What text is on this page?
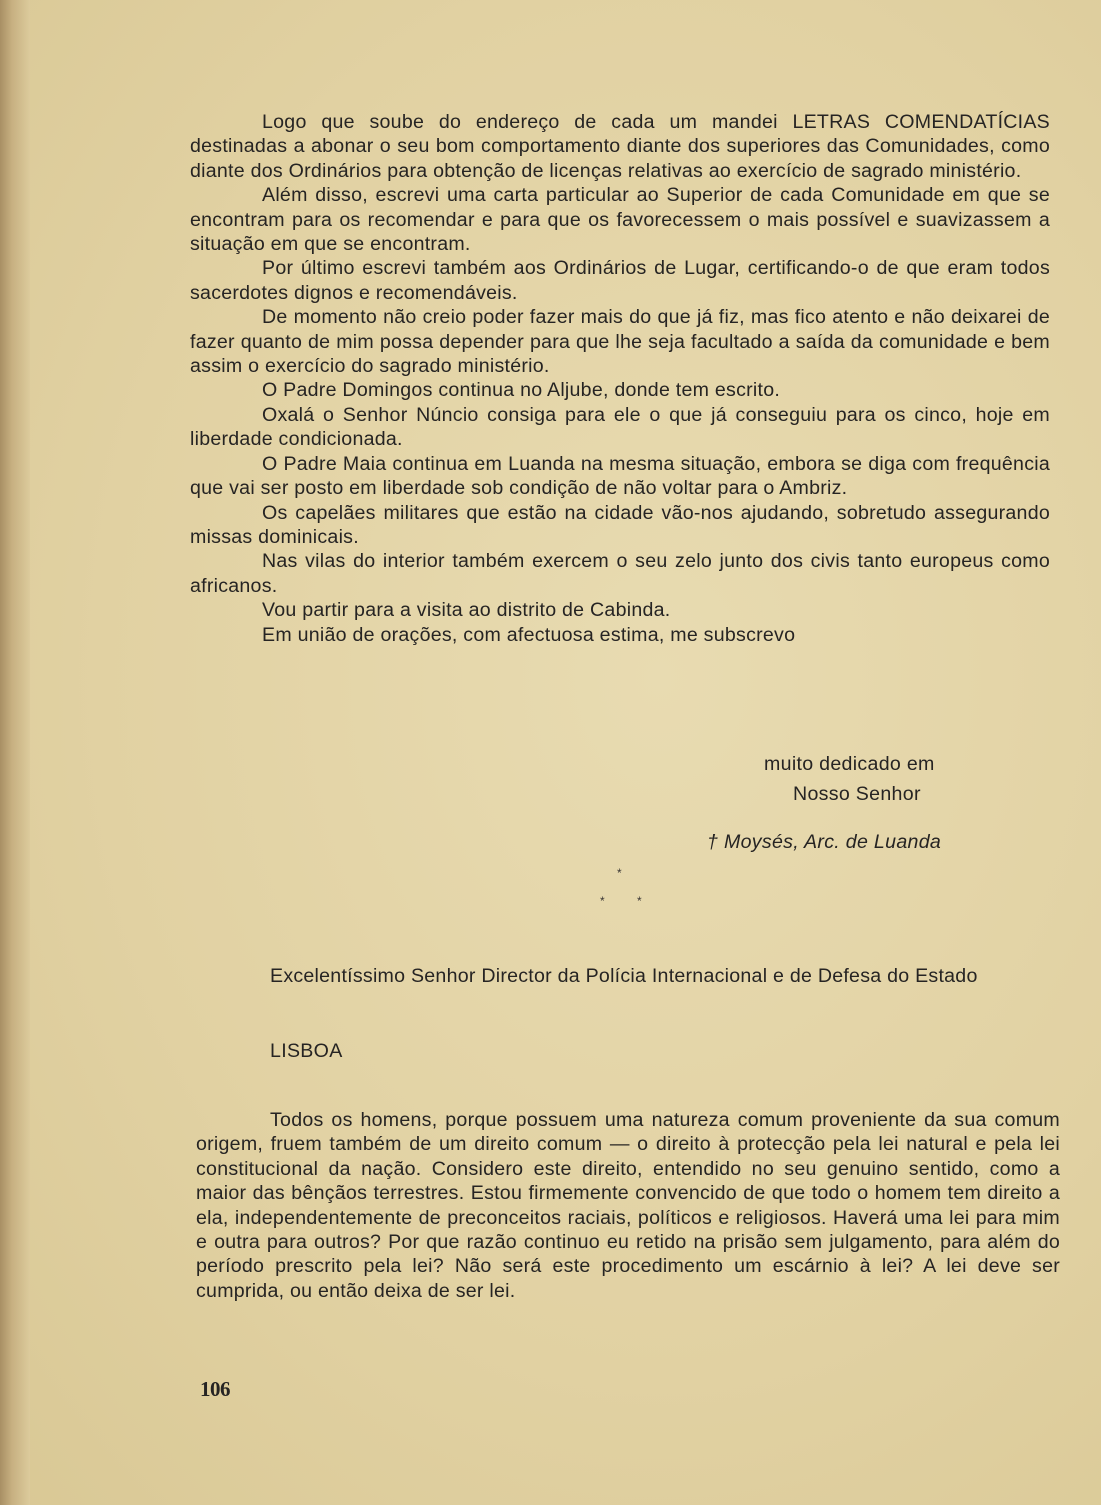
Logo que soube do endereço de cada um mandei LETRAS COMENDATÍCIAS destinadas a abonar o seu bom comportamento diante dos superiores das Comunidades, como diante dos Ordinários para obtenção de licenças relativas ao exercício de sagrado ministério.

Além disso, escrevi uma carta particular ao Superior de cada Comunidade em que se encontram para os recomendar e para que os favorecessem o mais possível e suavizassem a situação em que se encontram.

Por último escrevi também aos Ordinários de Lugar, certificando-o de que eram todos sacerdotes dignos e recomendáveis.

De momento não creio poder fazer mais do que já fiz, mas fico atento e não deixarei de fazer quanto de mim possa depender para que lhe seja facultado a saída da comunidade e bem assim o exercício do sagrado ministério.

O Padre Domingos continua no Aljube, donde tem escrito.

Oxalá o Senhor Núncio consiga para ele o que já conseguiu para os cinco, hoje em liberdade condicionada.

O Padre Maia continua em Luanda na mesma situação, embora se diga com frequência que vai ser posto em liberdade sob condição de não voltar para o Ambriz.

Os capelães militares que estão na cidade vão-nos ajudando, sobretudo assegurando missas dominicais.

Nas vilas do interior também exercem o seu zelo junto dos civis tanto europeus como africanos.

Vou partir para a visita ao distrito de Cabinda.

Em união de orações, com afectuosa estima, me subscrevo

muito dedicado em
Nosso Senhor
† Moysés, Arc. de Luanda
*
*	*

Excelentíssimo Senhor Director da Polícia Internacional e de Defesa do Estado

LISBOA

Todos os homens, porque possuem uma natureza comum proveniente da sua comum origem, fruem também de um direito comum — o direito à protecção pela lei natural e pela lei constitucional da nação. Considero este direito, entendido no seu genuino sentido, como a maior das bênçãos terrestres. Estou firmemente convencido de que todo o homem tem direito a ela, independentemente de preconceitos raciais, políticos e religiosos. Haverá uma lei para mim e outra para outros? Por que razão continuo eu retido na prisão sem julgamento, para além do período prescrito pela lei? Não será este procedimento um escárnio à lei? A lei deve ser cumprida, ou então deixa de ser lei.

106
